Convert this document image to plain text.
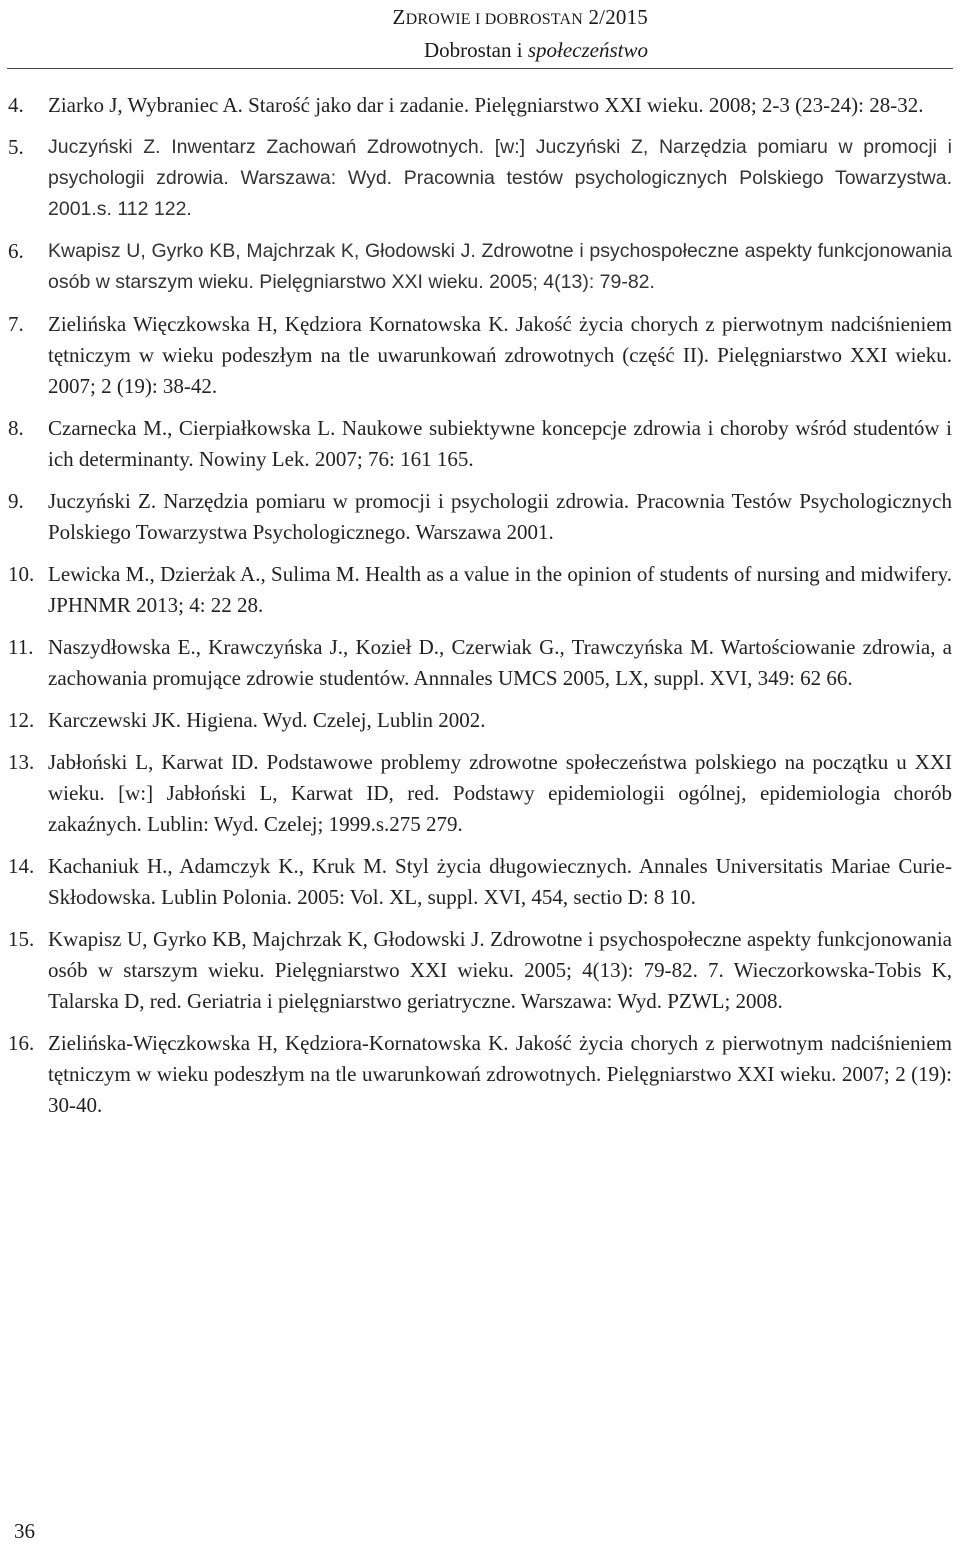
ZDROWIE I DOBROSTAN 2/2015
Dobrostan i społeczeństwo
4.	Ziarko J, Wybraniec A. Starość jako dar i zadanie. Pielęgniarstwo XXI wieku. 2008; 2-3 (23-24): 28-32.
5.	Juczyński Z. Inwentarz Zachowań Zdrowotnych. [w:] Juczyński Z, Narzędzia pomiaru w promocji i psychologii zdrowia. Warszawa: Wyd. Pracownia testów psychologicznych Polskiego Towarzystwa. 2001.s. 112 122.
6.	Kwapisz U, Gyrko KB, Majchrzak K, Głodowski J. Zdrowotne i psychospołeczne aspekty funkcjonowania osób w starszym wieku. Pielęgniarstwo XXI wieku. 2005; 4(13): 79-82.
7.	Zielińska Więczkowska H, Kędziora Kornatowska K. Jakość życia chorych z pierwotnym nadciśnieniem tętniczym w wieku podeszłym na tle uwarunkowań zdrowotnych (część II). Pielęgniarstwo XXI wieku. 2007; 2 (19): 38-42.
8.	Czarnecka M., Cierpiałkowska L. Naukowe subiektywne koncepcje zdrowia i choroby wśród studentów i ich determinanty. Nowiny Lek. 2007; 76: 161 165.
9.	Juczyński Z. Narzędzia pomiaru w promocji i psychologii zdrowia. Pracownia Testów Psychologicznych Polskiego Towarzystwa Psychologicznego. Warszawa 2001.
10. Lewicka M., Dzierżak A., Sulima M. Health as a value in the opinion of students of nursing and midwifery. JPHNMR 2013; 4: 22 28.
11. Naszydłowska E., Krawczyńska J., Kozieł D., Czerwiak G., Trawczyńska M. Wartościowanie zdrowia, a zachowania promujące zdrowie studentów. Annnales UMCS 2005, LX, suppl. XVI, 349: 62 66.
12. Karczewski JK. Higiena. Wyd. Czelej, Lublin 2002.
13. Jabłoński L, Karwat ID. Podstawowe problemy zdrowotne społeczeństwa polskiego na początku u XXI wieku. [w:] Jabłoński L, Karwat ID, red. Podstawy epidemiologii ogólnej, epidemiologia chorób zakaźnych. Lublin: Wyd. Czelej; 1999.s.275 279.
14. Kachaniuk H., Adamczyk K., Kruk M. Styl życia długowiecznych. Annales Universitatis Mariae Curie-Skłodowska. Lublin Polonia. 2005: Vol. XL, suppl. XVI, 454, sectio D: 8 10.
15. Kwapisz U, Gyrko KB, Majchrzak K, Głodowski J. Zdrowotne i psychospołeczne aspekty funkcjonowania osób w starszym wieku. Pielęgniarstwo XXI wieku. 2005; 4(13): 79-82. 7. Wieczorkowska-Tobis K, Talarska D, red. Geriatria i pielęgniarstwo geriatryczne. Warszawa: Wyd. PZWL; 2008.
16. Zielińska-Więczkowska H, Kędziora-Kornatowska K. Jakość życia chorych z pierwotnym nadciśnieniem tętniczym w wieku podeszłym na tle uwarunkowań zdrowotnych. Pielęgniarstwo XXI wieku. 2007; 2 (19): 30-40.
36
